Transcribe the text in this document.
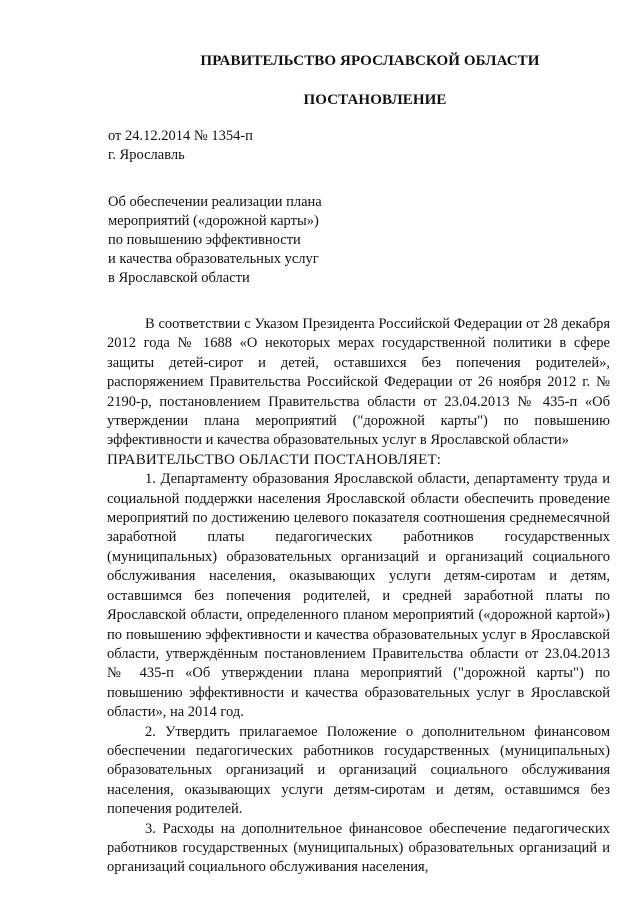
ПРАВИТЕЛЬСТВО ЯРОСЛАВСКОЙ ОБЛАСТИ
ПОСТАНОВЛЕНИЕ
от 24.12.2014 № 1354-п
г. Ярославль
Об обеспечении реализации плана
мероприятий («дорожной карты»)
по повышению эффективности
и качества образовательных услуг
в Ярославской области

В соответствии с Указом Президента Российской Федерации от 28 декабря 2012 года № 1688 «О некоторых мерах государственной политики в сфере защиты детей-сирот и детей, оставшихся без попечения родителей», распоряжением Правительства Российской Федерации от 26 ноября 2012 г. № 2190-р, постановлением Правительства области от 23.04.2013 № 435-п «Об утверждении плана мероприятий ("дорожной карты") по повышению эффективности и качества образовательных услуг в Ярославской области»

ПРАВИТЕЛЬСТВО ОБЛАСТИ ПОСТАНОВЛЯЕТ:

1. Департаменту образования Ярославской области, департаменту труда и социальной поддержки населения Ярославской области обеспечить проведение мероприятий по достижению целевого показателя соотношения среднемесячной заработной платы педагогических работников государственных (муниципальных) образовательных организаций и организаций социального обслуживания населения, оказывающих услуги детям-сиротам и детям, оставшимся без попечения родителей, и средней заработной платы по Ярославской области, определенного планом мероприятий («дорожной картой») по повышению эффективности и качества образовательных услуг в Ярославской области, утверждённым постановлением Правительства области от 23.04.2013 № 435-п «Об утверждении плана мероприятий ("дорожной карты") по повышению эффективности и качества образовательных услуг в Ярославской области», на 2014 год.

2. Утвердить прилагаемое Положение о дополнительном финансовом обеспечении педагогических работников государственных (муниципальных) образовательных организаций и организаций социального обслуживания населения, оказывающих услуги детям-сиротам и детям, оставшимся без попечения родителей.

3. Расходы на дополнительное финансовое обеспечение педагогических работников государственных (муниципальных) образовательных организаций и организаций социального обслуживания населения,
